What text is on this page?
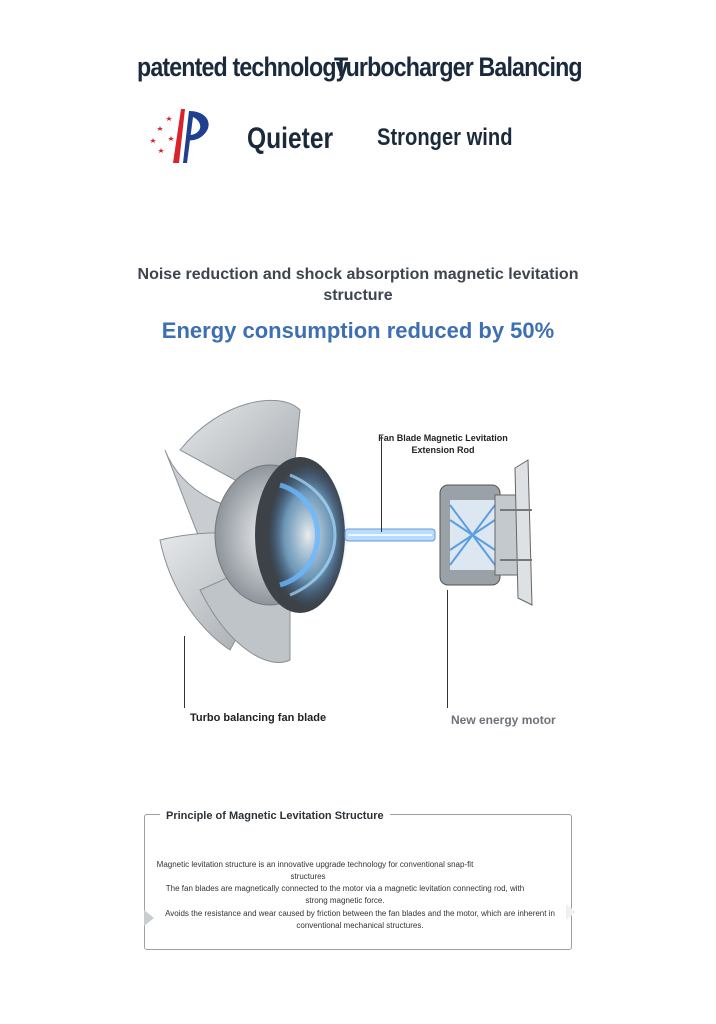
patented technology
Turbocharger Balancing
Quieter Stronger wind
Noise reduction and shock absorption magnetic levitation
structure
Energy consumption reduced by 50%
Fan Blade Magnetic Levitation
Extension Rod
Turbo balancing fan blade	New energy motor
Magnetic levitation structure is an innovative upgrade technology for conventional snap-fit
structures
The fan blades are magnetically connected to the motor via a magnetic levitation connecting rod, with
strong magnetic force.
Avoids the resistance and wear caused by friction between the fan blades and the motor, which are inherent in
conventional mechanical structures.
Principle of Magnetic Levitation Structure
